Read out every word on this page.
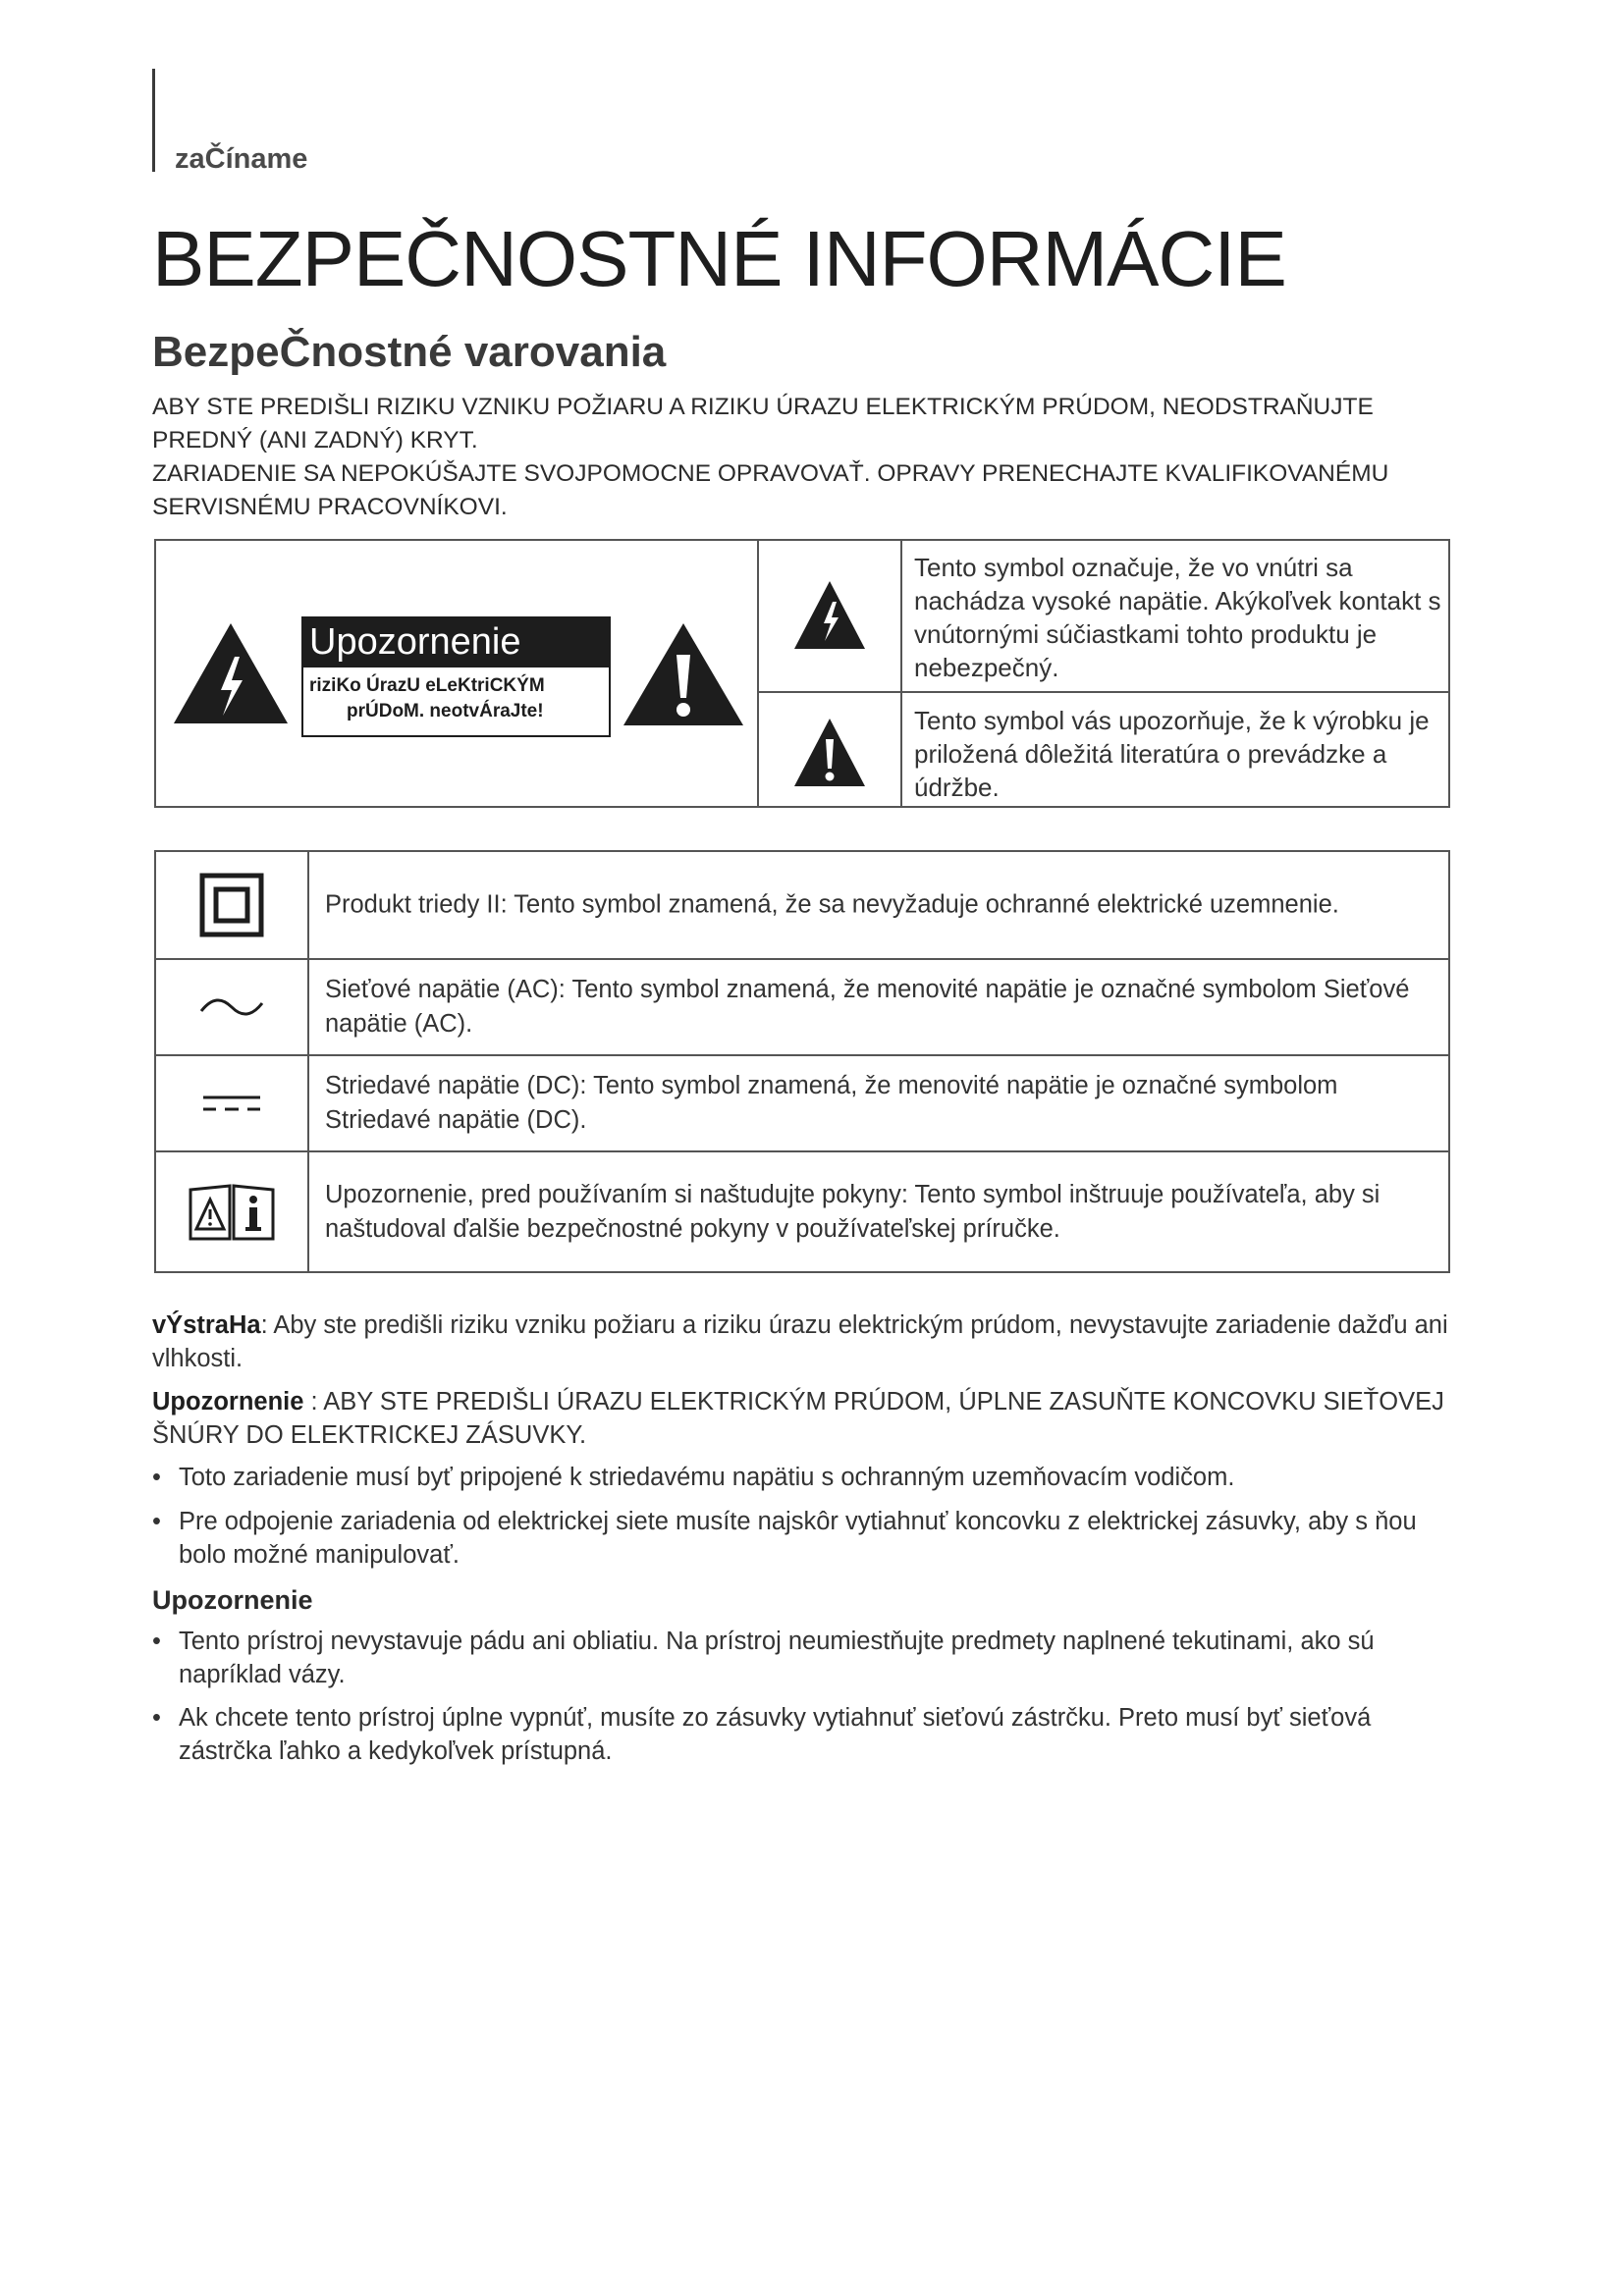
zaČíname
BEZPEČNOSTNÉ INFORMÁCIE
BezpeČnostné varovania
ABY STE PREDIŠLI RIZIKU VZNIKU POŽIARU A RIZIKU ÚRAZU ELEKTRICKÝM PRÚDOM, NEODSTRAŇUJTE
PREDNÝ (ANI ZADNÝ) KRYT.
ZARIADENIE SA NEPOKÚŠAJTE SVOJPOMOCNE OPRAVOVAŤ. OPRAVY PRENECHAJTE KVALIFIKOVANÉMU
SERVISNÉMU PRACOVNÍKOVI.
Upozornenie
riziKo ÚrazU eLeKtriCKÝM
prÚDoM. neotvÁraJte!
Tento symbol označuje, že vo vnútri sa nachádza vysoké napätie. Akýkoľvek kontakt s vnútornými súčiastkami tohto produktu je nebezpečný.
Tento symbol vás upozorňuje, že k výrobku je priložená dôležitá literatúra o prevádzke a údržbe.
Produkt triedy II: Tento symbol znamená, že sa nevyžaduje ochranné elektrické uzemnenie.
Sieťové napätie (AC): Tento symbol znamená, že menovité napätie je označné symbolom Sieťové napätie (AC).
Striedavé napätie (DC): Tento symbol znamená, že menovité napätie je označné symbolom Striedavé napätie (DC).
Upozornenie, pred používaním si naštudujte pokyny: Tento symbol inštruuje používateľa, aby si naštudoval ďalšie bezpečnostné pokyny v používateľskej príručke.
vÝstraHa: Aby ste predišli riziku vzniku požiaru a riziku úrazu elektrickým prúdom, nevystavujte zariadenie dažďu ani vlhkosti.
Upozornenie : ABY STE PREDIŠLI ÚRAZU ELEKTRICKÝM PRÚDOM, ÚPLNE ZASUŇTE KONCOVKU SIEŤOVEJ ŠNÚRY DO ELEKTRICKEJ ZÁSUVKY.
• Toto zariadenie musí byť pripojené k striedavému napätiu s ochranným uzemňovacím vodičom.
• Pre odpojenie zariadenia od elektrickej siete musíte najskôr vytiahnuť koncovku z elektrickej zásuvky, aby s ňou bolo možné manipulovať.
Upozornenie
• Tento prístroj nevystavuje pádu ani obliatiu. Na prístroj neumiestňujte predmety naplnené tekutinami, ako sú napríklad vázy.
• Ak chcete tento prístroj úplne vypnúť, musíte zo zásuvky vytiahnuť sieťovú zástrčku. Preto musí byť sieťová zástrčka ľahko a kedykoľvek prístupná.
